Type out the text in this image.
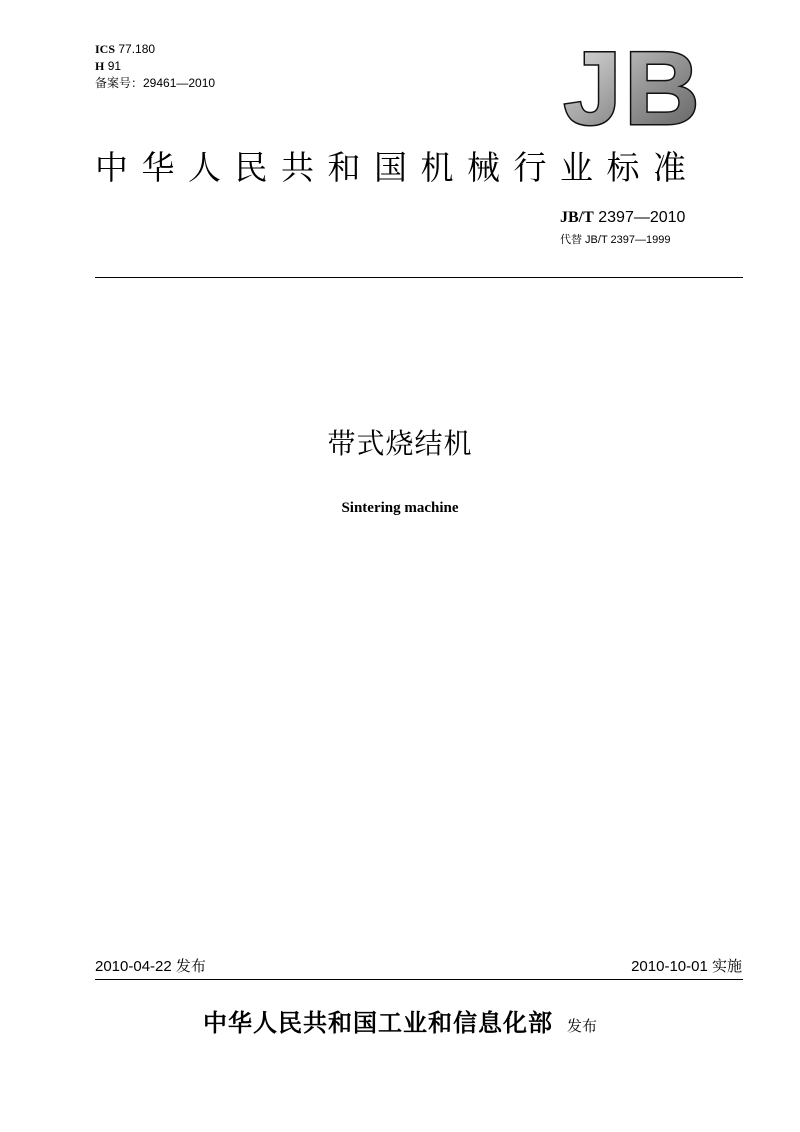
ICS 77.180
H 91
备案号：29461—2010	JB
中华人民共和国机械行业标准
JB/T 2397—2010
代替 JB/T 2397—1999
带式烧结机
Sintering machine
2010-04-22 发布	2010-10-01 实施
中华人民共和国工业和信息化部 发布
